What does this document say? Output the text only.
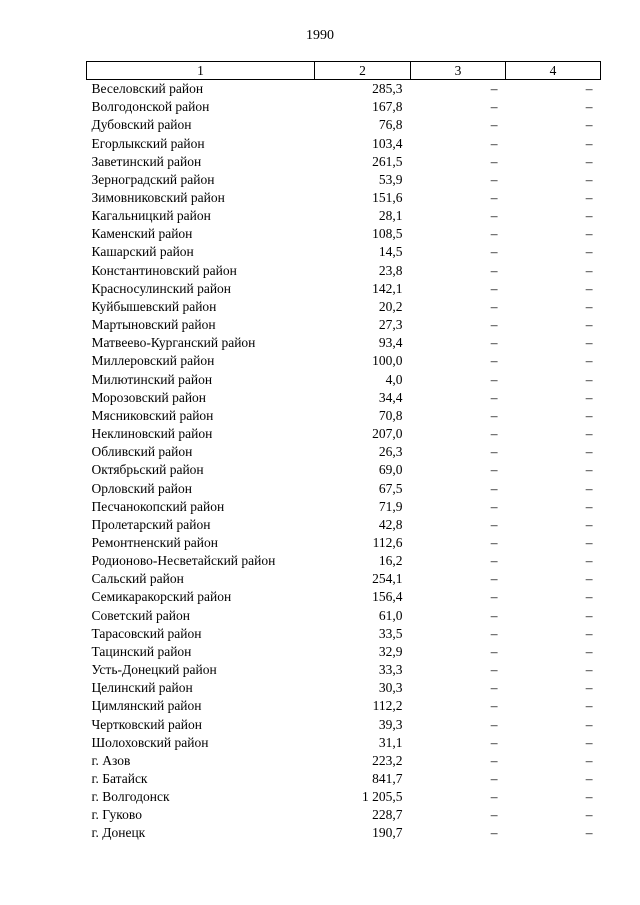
1990
1	2	3	4
Веселовский район	285,3	–	–
Волгодонской район	167,8	–	–
Дубовский район	76,8	–	–
Егорлыкский район	103,4	–	–
Заветинский район	261,5	–	–
Зерноградский район	53,9	–	–
Зимовниковский район	151,6	–	–
Кагальницкий район	28,1	–	–
Каменский район	108,5	–	–
Кашарский район	14,5	–	–
Константиновский район	23,8	–	–
Красносулинский район	142,1	–	–
Куйбышевский район	20,2	–	–
Мартыновский район	27,3	–	–
Матвеево-Курганский район	93,4	–	–
Миллеровский район	100,0	–	–
Милютинский район	4,0	–	–
Морозовский район	34,4	–	–
Мясниковский район	70,8	–	–
Неклиновский район	207,0	–	–
Обливский район	26,3	–	–
Октябрьский район	69,0	–	–
Орловский район	67,5	–	–
Песчанокопский район	71,9	–	–
Пролетарский район	42,8	–	–
Ремонтненский район	112,6	–	–
Родионово-Несветайский район	16,2	–	–
Сальский район	254,1	–	–
Семикаракорский район	156,4	–	–
Советский район	61,0	–	–
Тарасовский район	33,5	–	–
Тацинский район	32,9	–	–
Усть-Донецкий район	33,3	–	–
Целинский район	30,3	–	–
Цимлянский район	112,2	–	–
Чертковский район	39,3	–	–
Шолоховский район	31,1	–	–
г. Азов	223,2	–	–
г. Батайск	841,7	–	–
г. Волгодонск	1 205,5	–	–
г. Гуково	228,7	–	–
г. Донецк	190,7	–	–
